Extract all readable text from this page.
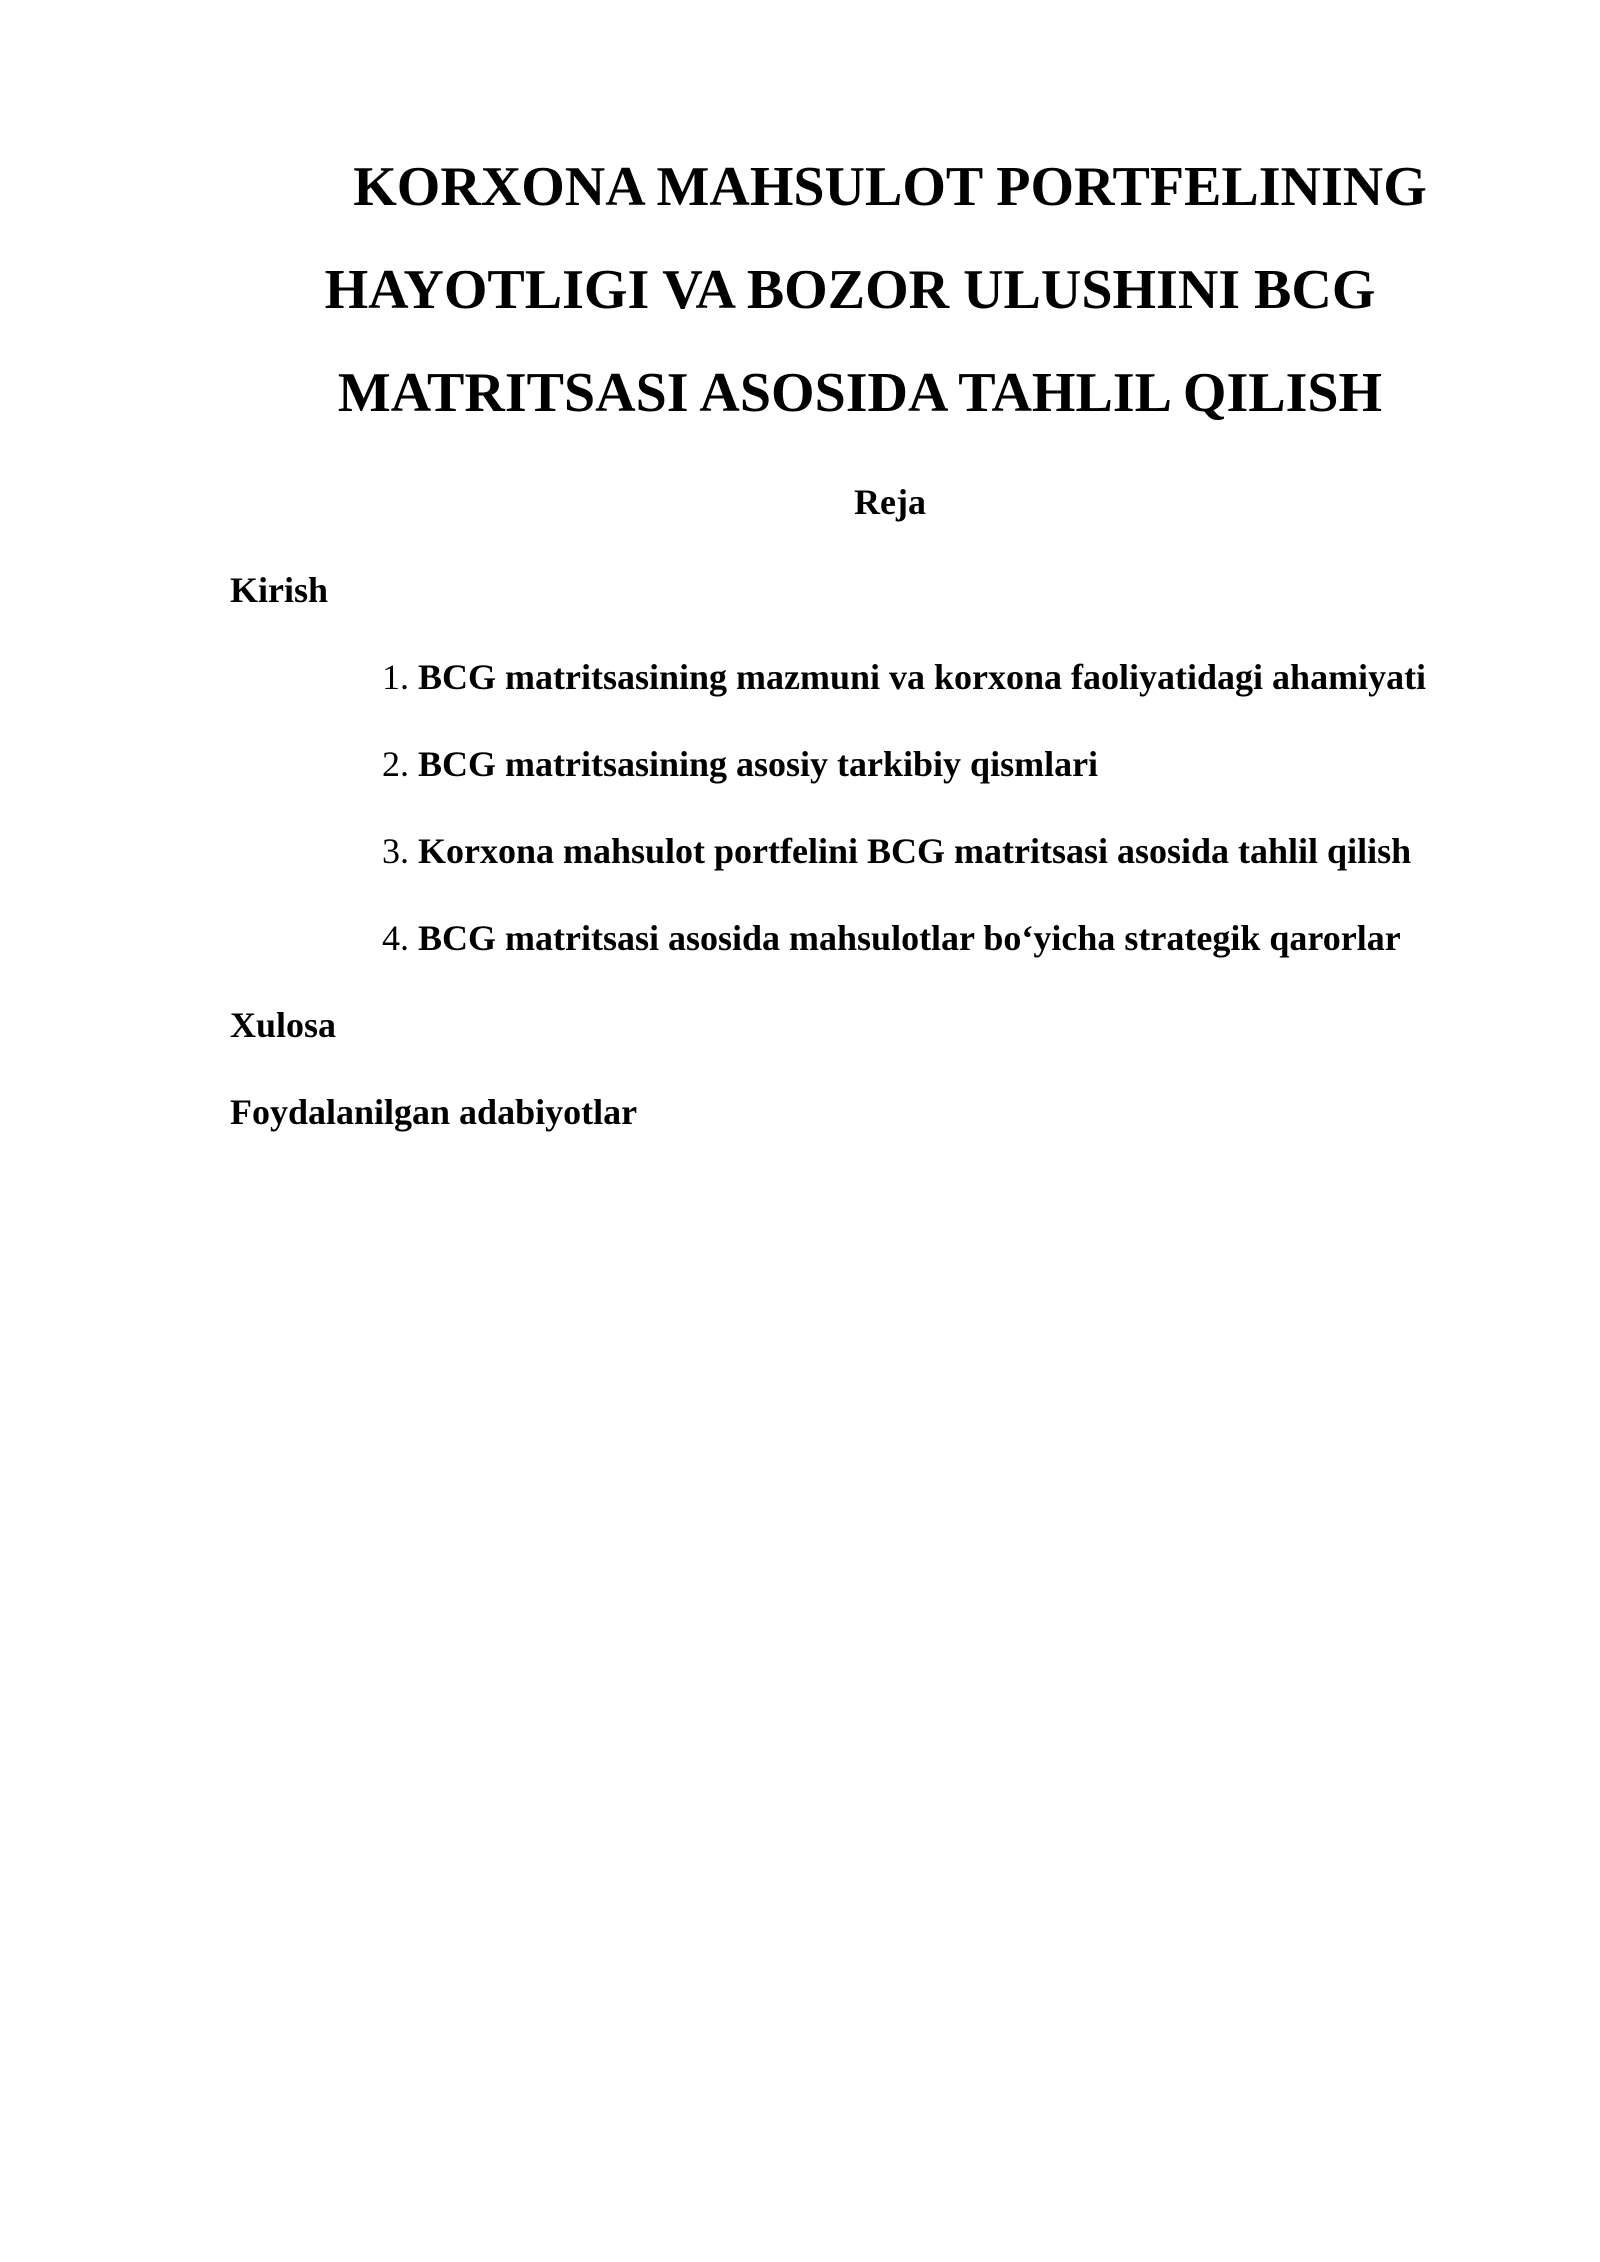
KORXONA MAHSULOT PORTFELINING
HAYOTLIGI VA BOZOR ULUSHINI BCG
MATRITSASI ASOSIDA TAHLIL QILISH
Reja
Kirish
1. BCG matritsasining mazmuni va korxona faoliyatidagi ahamiyati
2. BCG matritsasining asosiy tarkibiy qismlari
3. Korxona mahsulot portfelini BCG matritsasi asosida tahlil qilish
4. BCG matritsasi asosida mahsulotlar bo‘yicha strategik qarorlar
Xulosa
Foydalanilgan adabiyotlar
